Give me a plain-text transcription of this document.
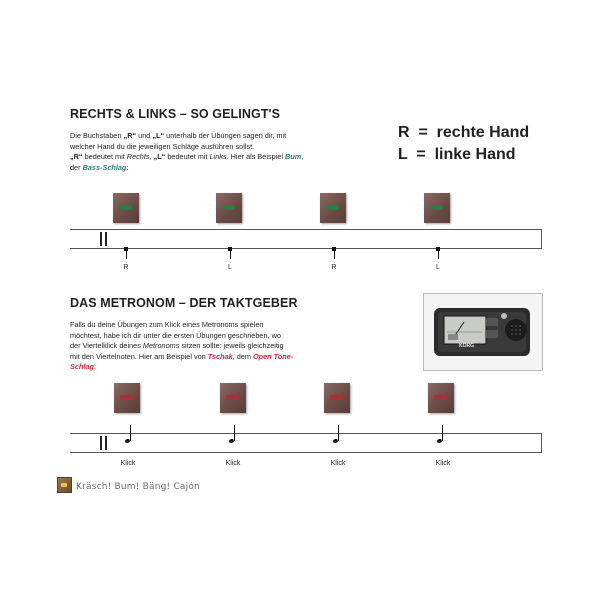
RECHTS & LINKS – SO GELINGT'S
Die Buchstaben „R“ und „L“ unterhalb der Übungen sagen dir, mit
welcher Hand du die jeweiligen Schläge ausführen sollst.
„R“ bedeutet mit Rechts, „L“ bedeutet mit Links. Hier als Beispiel Bum,
der Bass-Schlag:
R  =  rechte Hand
L  =  linke Hand
R	L	R	L
DAS METRONOM – DER TAKTGEBER
Falls du deine Übungen zum Klick eines Metronoms spielen
möchtest, habe ich dir unter die ersten Übungen geschrieben, wo
der Viertelklick deines Metronoms sitzen sollte: jeweils gleichzeitig
mit den Viertelnoten. Hier am Beispiel von Tschak, dem Open Tone-
Schlag:
KORG
Klick	Klick	Klick	Klick
Kräsch! Bum! Bäng! Cajón
